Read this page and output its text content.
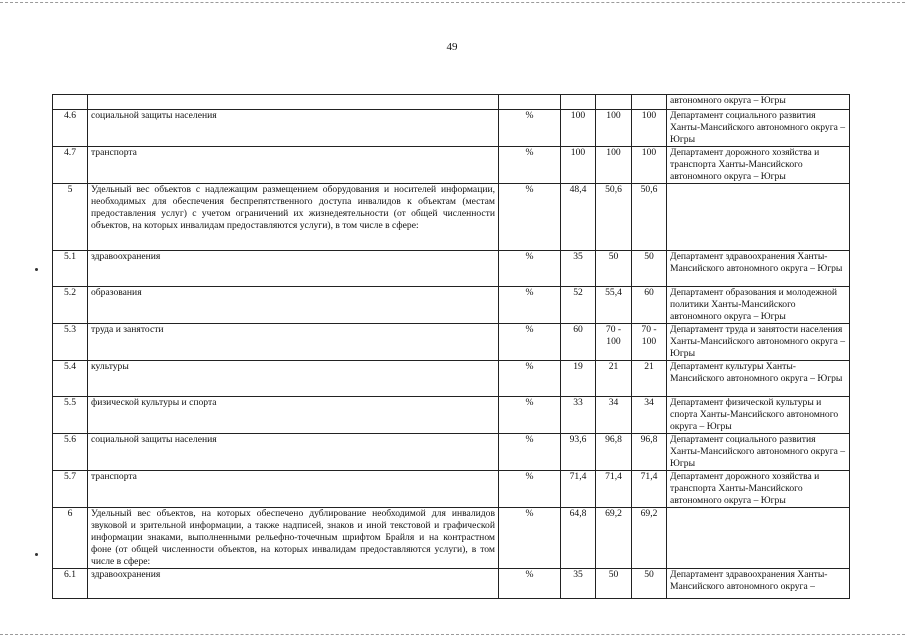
49
						автономного округа – Югры
4.6	социальной защиты населения	%	100	100	100	Департамент социального развития Ханты-Мансийского автономного округа – Югры
4.7	транспорта	%	100	100	100	Департамент дорожного хозяйства и транспорта Ханты-Мансийского автономного округа – Югры
5	Удельный вес объектов с надлежащим размещением оборудования и носителей информации, необходимых для обеспечения беспрепятственного доступа инвалидов к объектам (местам предоставления услуг) с учетом ограничений их жизнедеятельности (от общей численности объектов, на которых инвалидам предоставляются услуги), в том числе в сфере:	%	48,4	50,6	50,6	
5.1	здравоохранения	%	35	50	50	Департамент здравоохранения Ханты-Мансийского автономного округа – Югры
5.2	образования	%	52	55,4	60	Департамент образования и молодежной политики Ханты-Мансийского автономного округа – Югры
5.3	труда и занятости	%	60	70 - 100	70 - 100	Департамент труда и занятости населения Ханты-Мансийского автономного округа – Югры
5.4	культуры	%	19	21	21	Департамент культуры Ханты-Мансийского автономного округа – Югры
5.5	физической культуры и спорта	%	33	34	34	Департамент физической культуры и спорта Ханты-Мансийского автономного округа – Югры
5.6	социальной защиты населения	%	93,6	96,8	96,8	Департамент социального развития Ханты-Мансийского автономного округа – Югры
5.7	транспорта	%	71,4	71,4	71,4	Департамент дорожного хозяйства и транспорта Ханты-Мансийского автономного округа – Югры
6	Удельный вес объектов, на которых обеспечено дублирование необходимой для инвалидов звуковой и зрительной информации, а также надписей, знаков и иной текстовой и графической информации знаками, выполненными рельефно-точечным шрифтом Брайля и на контрастном фоне (от общей численности объектов, на которых инвалидам предоставляются услуги), в том числе в сфере:	%	64,8	69,2	69,2	
6.1	здравоохранения	%	35	50	50	Департамент здравоохранения Ханты-Мансийского автономного округа –
